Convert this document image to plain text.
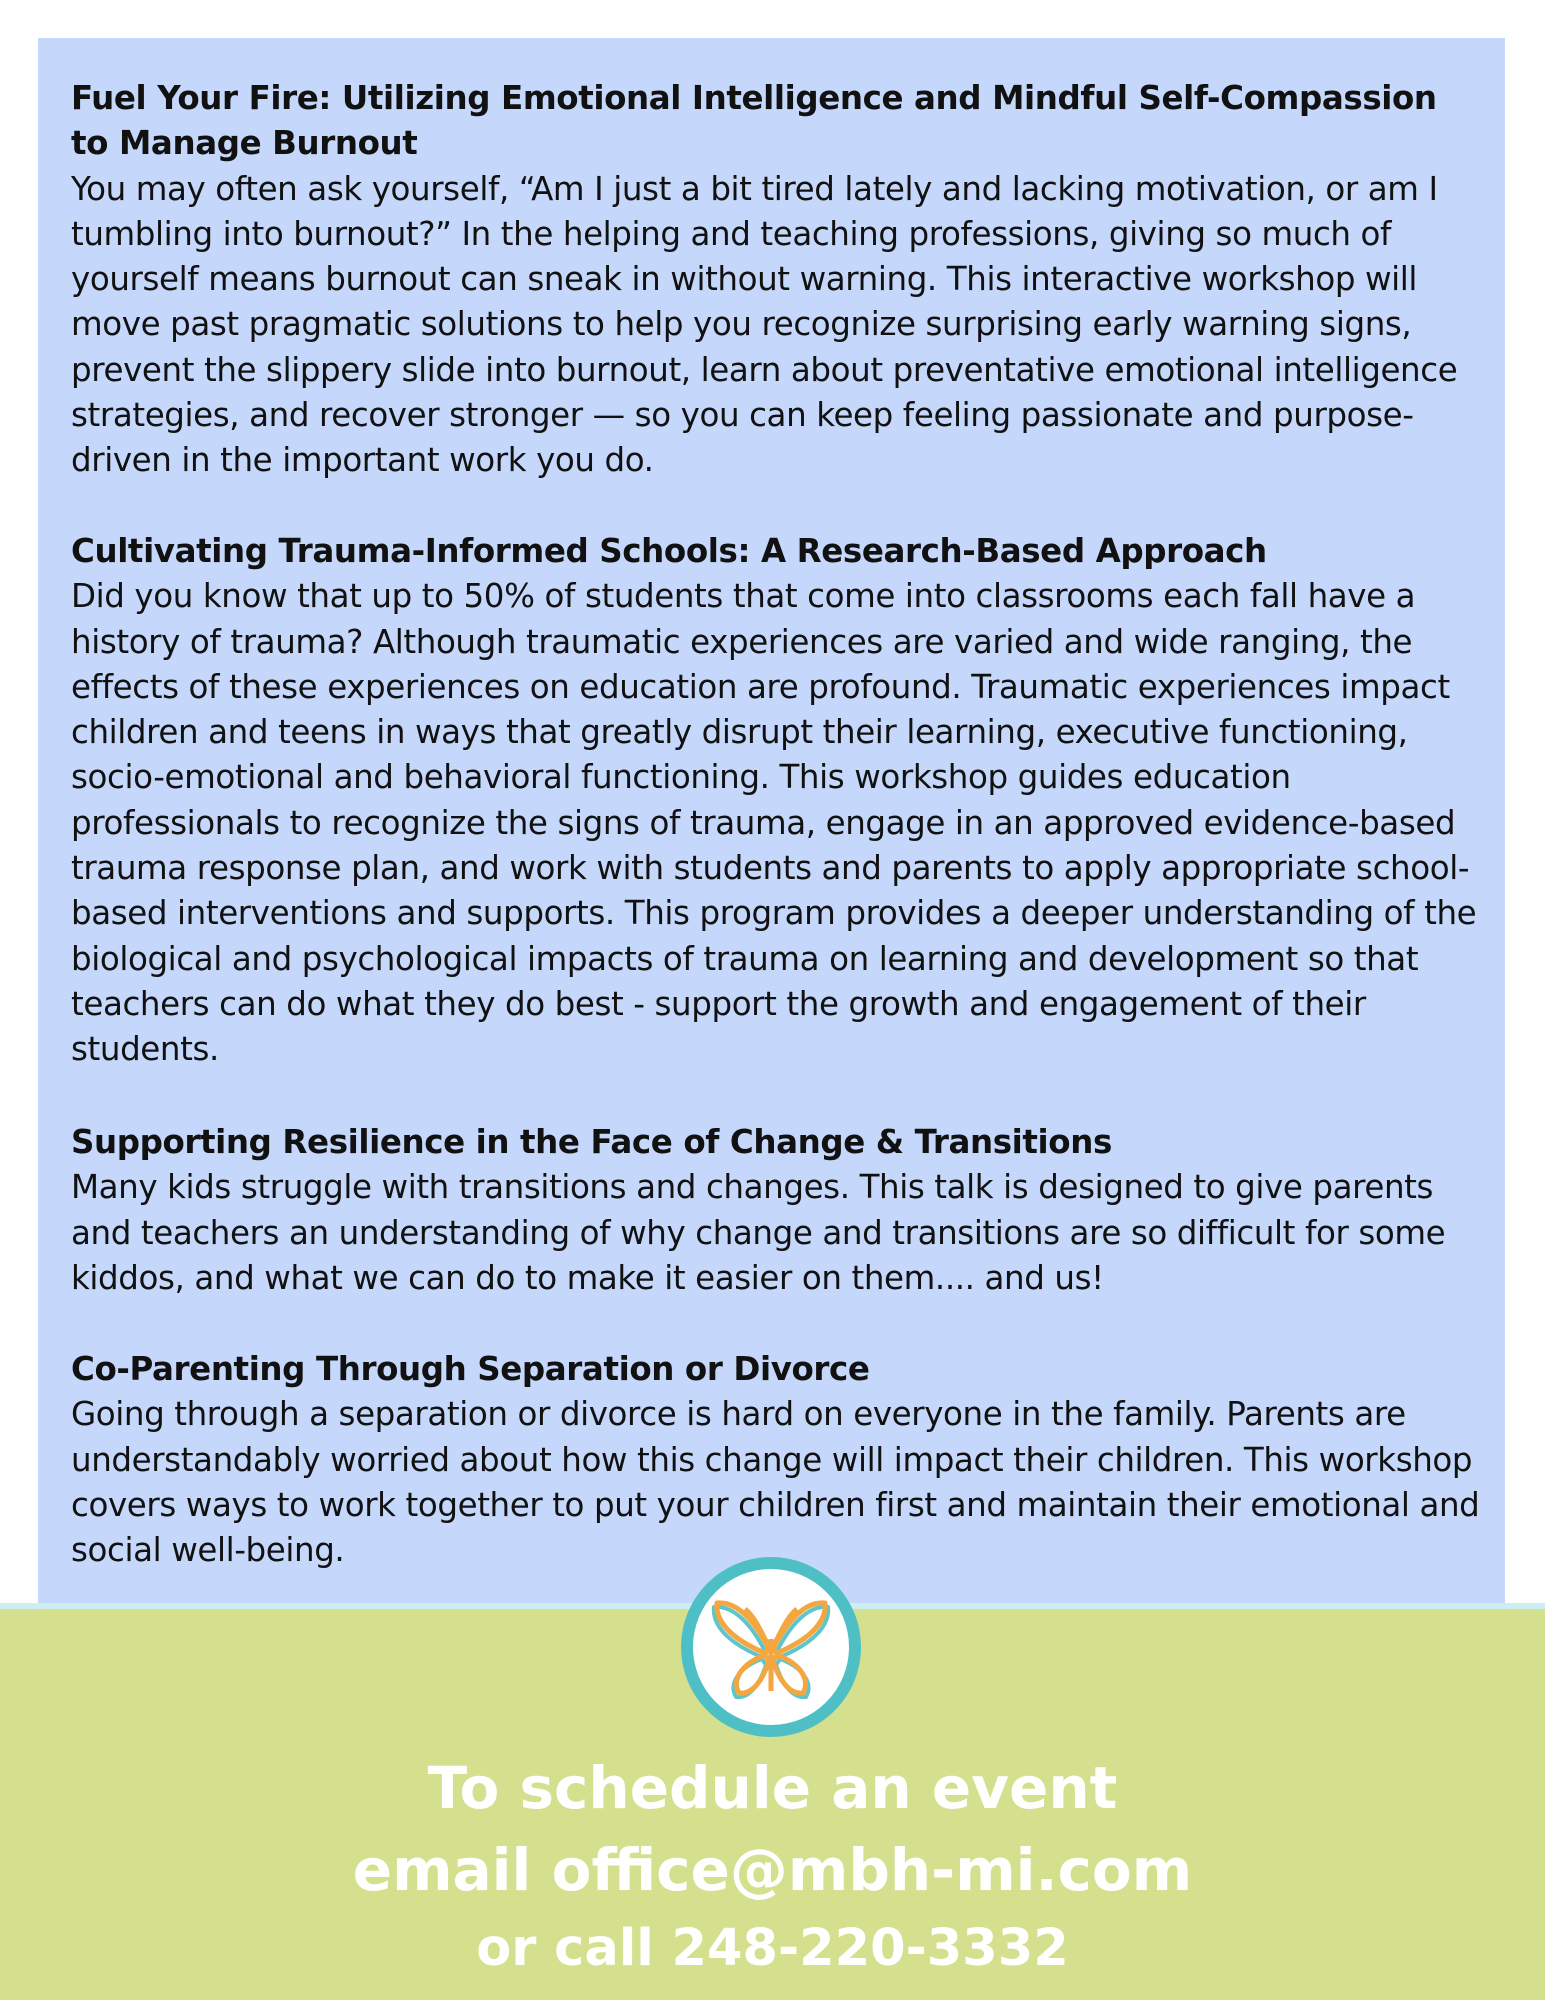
Fuel Your Fire: Utilizing Emotional Intelligence and Mindful Self-Compassion to Manage Burnout
You may often ask yourself, “Am I just a bit tired lately and lacking motivation, or am I tumbling into burnout?” In the helping and teaching professions, giving so much of yourself means burnout can sneak in without warning. This interactive workshop will move past pragmatic solutions to help you recognize surprising early warning signs, prevent the slippery slide into burnout, learn about preventative emotional intelligence strategies, and recover stronger — so you can keep feeling passionate and purpose-driven in the important work you do.
Cultivating Trauma-Informed Schools: A Research-Based Approach
Did you know that up to 50% of students that come into classrooms each fall have a history of trauma? Although traumatic experiences are varied and wide ranging, the effects of these experiences on education are profound. Traumatic experiences impact children and teens in ways that greatly disrupt their learning, executive functioning, socio-emotional and behavioral functioning. This workshop guides education professionals to recognize the signs of trauma, engage in an approved evidence-based trauma response plan, and work with students and parents to apply appropriate school-based interventions and supports. This program provides a deeper understanding of the biological and psychological impacts of trauma on learning and development so that teachers can do what they do best - support the growth and engagement of their students.
Supporting Resilience in the Face of Change & Transitions
Many kids struggle with transitions and changes. This talk is designed to give parents and teachers an understanding of why change and transitions are so difficult for some kiddos, and what we can do to make it easier on them.... and us!
Co-Parenting Through Separation or Divorce
Going through a separation or divorce is hard on everyone in the family. Parents are understandably worried about how this change will impact their children. This workshop covers ways to work together to put your children first and maintain their emotional and social well-being.
To schedule an event
email office@mbh-mi.com
or call 248-220-3332
